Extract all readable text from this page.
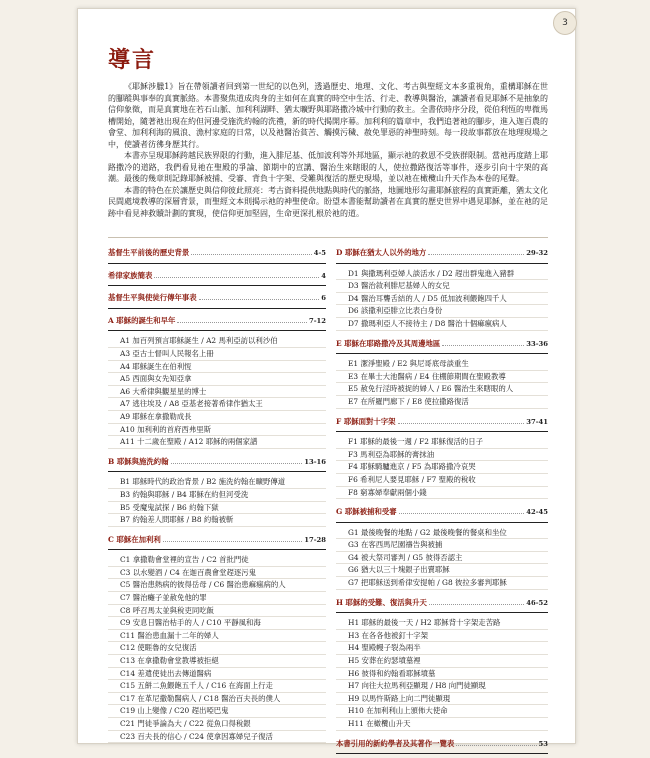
3
導言

《耶穌涉臘1》旨在帶領讀者回到第一世紀的以色列，透過歷史、地理、文化、考古與聖經文本多重視角，重構耶穌在世的腳蹤與事奉的真實脈絡。本書聚焦道成肉身的主如何在真實的時空中生活、行走、教導與醫治，讓讀者看見耶穌不是抽象的信仰象徵，而是真實地在若石山脈、加利利湖畔、猶太曠野與耶路撒冷城中行動的救主。全書依時序分段，從伯利恆的卑微馬槽開始，隨著祂出現在約但河邊受施洗約翰的洗禮，新的時代揭開序幕。加利利的篇章中，我們追著祂的腳步，進入迦百農的會堂、加利利海的風浪、漁村家庭的日常，以及祂醫治貧苦、觸摸污穢、赦免罪惡的神聖時刻。每一段故事都放在地理現場之中，使讀者彷彿身歷其行。

本書亦呈現耶穌跨越民族界限的行動，進入腓尼基、低加波利等外邦地區，顯示祂的救恩不受族群限制。當祂再度踏上耶路撒冷的道路，我們看見祂在聖殿的爭論、節期中的宣講、醫治生來瞎眼的人，使拉撒路復活等事件，逐步引向十字架的高潮。最後的幾章則記錄耶穌被捕、受審、背負十字架、受難與復活的歷史現場，並以祂在橄欖山升天作為本卷的尾聲。

本書的特色在於讓歷史與信仰彼此照亮：考古資料提供地點與時代的脈絡，地圖地形勾畫耶穌旅程的真實距離，猶太文化民間處境教導的深層背景，而聖經文本則揭示祂的神聖使命。盼望本書能幫助讀者在真實的歷史世界中遇見耶穌，並在祂的足跡中看見神救贖計劃的實現，使信仰更加堅固，生命更深扎根於祂的道。

基督生平前後的歷史背景	4-5
希律家族簡表	4
基督生平與使徒行傳年事表	6
A 耶穌的誕生和早年	7-12
A1 加百列預言耶穌誕生 / A2 馬利亞訪以利沙伯
A3 亞古士督叫人民報名上冊
A4 耶穌誕生在伯利恆
A5 西面與女先知亞拿
A6 大希律與觀星星的博士
A7 逃往埃及 / A8 亞基老接著希律作猶太王
A9 耶穌在拿撒勒成長
A10 加利利的首府西弗里斯
A11 十二歲在聖殿 / A12 耶穌的兩個家譜
B 耶穌與施洗約翰	13-16
B1 耶穌時代的政治背景 / B2 施洗約翰在曠野傳道
B3 約翰與耶穌 / B4 耶穌在約但河受洗
B5 受魔鬼試探 / B6 約翰下獄
B7 約翰差人問耶穌 / B8 約翰被斬
C 耶穌在加利利	17-28
C1 拿撒勒會堂裡的宣告 / C2 首批門徒
C3 以水變酒 / C4 在迦百農會堂趕逐污鬼
C5 醫治患熱病的彼得岳母 / C6 醫治患痲瘋病的人
C7 醫治癱子並赦免他的罪
C8 呼召馬太並與稅吏同吃飯
C9 安息日醫治枯手的人 / C10 平靜風和海
C11 醫治患血漏十二年的婦人
C12 使睚魯的女兒復活
C13 在拿撒勒會堂教導被拒絕
C14 差遣使徒出去傳道醫病
C15 五餅二魚餵飽五千人 / C16 在海面上行走
C17 在革尼撒勒醫病人 / C18 醫治百夫長的僕人
C19 山上變像 / C20 趕出啞巴鬼
C21 門徒爭論為大 / C22 從魚口得稅銀
C23 百夫長的信心 / C24 使拿因寡婦兒子復活
D 耶穌在猶太人以外的地方	29-32
D1 與撒瑪利亞婦人談活水 / D2 趕出群鬼進入豬群
D3 醫治敘利腓尼基婦人的女兒
D4 醫治耳聾舌結的人 / D5 低加波利餵飽四千人
D6 該撒利亞腓立比表白身份
D7 撒瑪利亞人不接待主 / D8 醫治十個痲瘋病人
E 耶穌在耶路撒冷及其周邊地區	33-36
E1 潔淨聖殿 / E2 與尼哥底母談重生
E3 在畢士大池醫病 / E4 住棚節期間在聖殿教導
E5 赦免行淫時被捉的婦人 / E6 醫治生來瞎眼的人
E7 在所羅門廊下 / E8 使拉撒路復活
F 耶穌面對十字架	37-41
F1 耶穌的最後一週 / F2 耶穌復活的日子
F3 馬利亞為耶穌的膏抹油
F4 耶穌騎驢進京 / F5 為耶路撒冷哀哭
F6 希利尼人要見耶穌 / F7 聖殿的稅收
F8 窮寡婦奉獻兩個小錢
G 耶穌被捕和受審	42-45
G1 最後晚餐的地點 / G2 最後晚餐的餐桌和坐位
G3 在客西馬尼園禱告與被捕
G4 被大祭司審判 / G5 彼得否認主
G6 猶大以三十塊銀子出賣耶穌
G7 把耶穌送到希律安提帕 / G8 彼拉多審判耶穌
H 耶穌的受難、復活與升天	46-52
H1 耶穌的最後一天 / H2 耶穌背十字架走苦路
H3 在各各他被釘十字架
H4 聖殿幔子裂為兩半
H5 安葬在約瑟墳墓裡
H6 彼得和約翰看耶穌墳墓
H7 向往大拉馬利亞顯現 / H8 向門徒顯現
H9 以馬忤斯路上向二門徒顯現
H10 在加利利山上頒佈大使命
H11 在橄欖山升天
本書引用的新約學者及其著作一覽表	53
